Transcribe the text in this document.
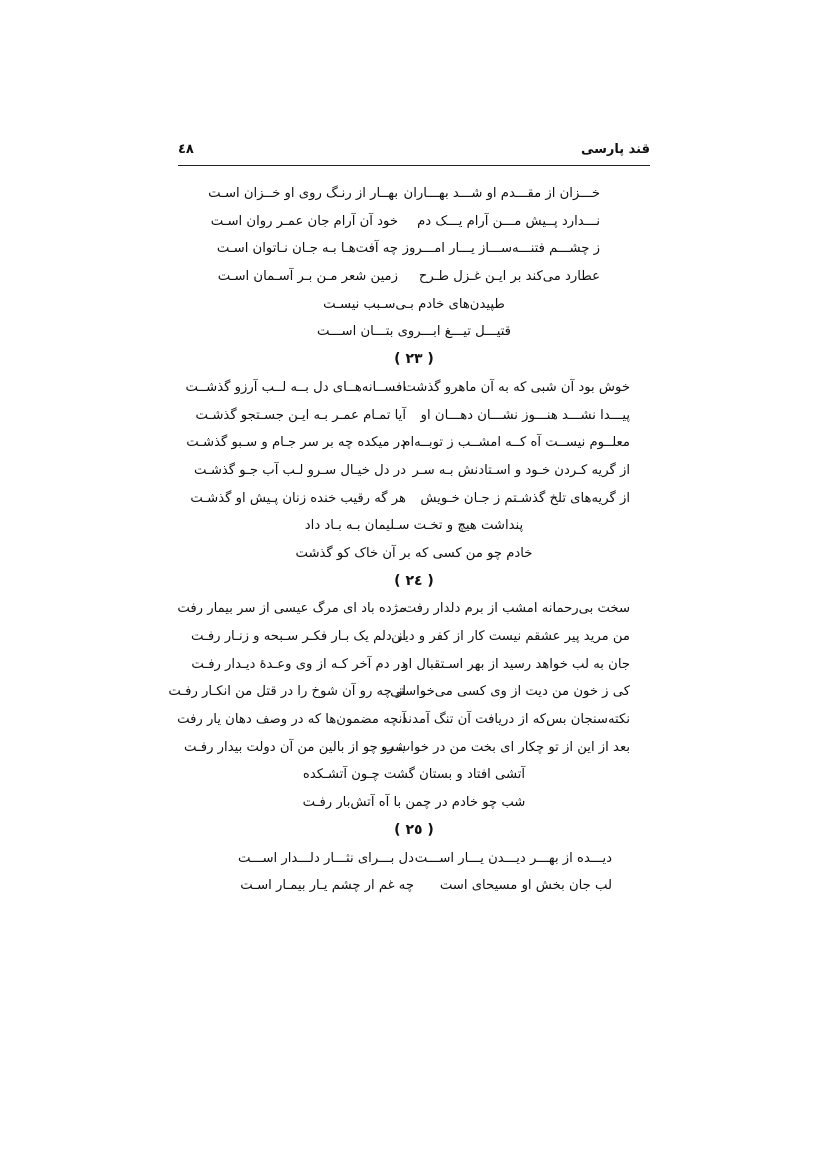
قند پارسی
٤٨
خـــزان از مقـــدم او شـــد بهـــاران
بهــار از رنـگ روی او خــزان اسـت
نـــدارد پــیش مـــن آرام یـــک دم
خود آن آرام جان عمـر روان اسـت
ز چشـــم فتنـــه‌ســـاز یـــار امـــروز
چه آفت‌هـا بـه جـان نـاتوان اسـت
عطارد می‌کند بر ایـن غـزل طـرح
زمین شعر مـن بـر آسـمان اسـت
طپیدن‌های خادم بـی‌سـبب نیسـت
قتیـــل تیـــغ ابـــروی بتـــان اســـت
( ٢٣ )
خوش بود آن شبی که به آن ماهرو گذشت
افســانه‌هــای دل بــه لــب آرزو گذشــت
پیـــدا نشـــد هنـــوز نشـــان دهـــان او
آیا تمـام عمـر بـه ایـن جسـتجو گذشـت
معلــوم نیســت آه کــه امشــب ز توبــه‌ام
در میکده چه بر سر جـام و سـبو گذشـت
از گریه کـردن خـود و اسـتادنش بـه سـر
در دل خیـال سـرو لـب آب جـو گذشـت
از گریه‌های تلخ گذشـتم ز جـان خـویش
هر گه رقیب خنده زنان پـیش او گذشـت
پنداشت هیچ و تخـت سـلیمان بـه بـاد داد
خادم چو من کسی که بر آن خاک کو گذشت
( ٢٤ )
سخت بی‌رحمانه امشب از برم دلدار رفت
مژده باد ای مرگ عیسی از سر بیمار رفت
من مرید پیر عشقم نیست کار از کفر و دیـن
از دلم یک بـار فکـر سـبحه و زنـار رفـت
جان به لب خواهد رسید از بهر اسـتقبال او
در دم آخر کـه از وی وعـدهٔ دیـدار رفـت
کی ز خون من دیت از وی کسی می‌خواستی
از چه رو آن شوخ را در قتل من انکـار رفـت
نکته‌سنجان بس‌که از دریافت آن تنگ آمدند
آنچه مضمون‌ها که در وصف دهان یار رفت
بعد از این از تو چکار ای بخت من در خواب رو
شب چو از بالین من آن دولت بیدار رفـت
آتشی افتاد و بستان گشت چـون آتشـکده
شب چو خادم در چمن با آه آتش‌بار رفـت
( ٢٥ )
دیـــده از بهـــر دیـــدن یـــار اســـت
دل بـــرای نثـــار دلـــدار اســـت
لب جان بخش او مسیحای است
چه غم ار چشم یـار بیمـار اسـت
